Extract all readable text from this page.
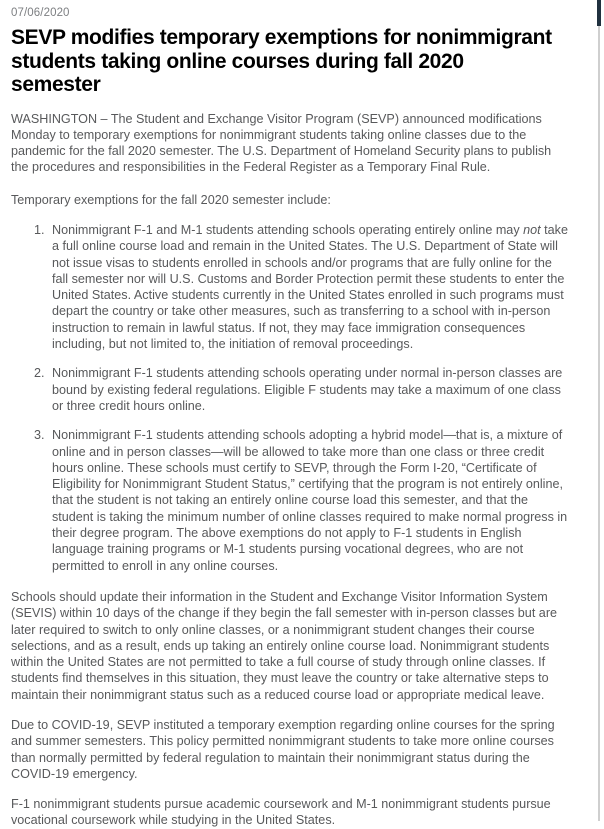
07/06/2020
SEVP modifies temporary exemptions for nonimmigrant students taking online courses during fall 2020 semester

WASHINGTON – The Student and Exchange Visitor Program (SEVP) announced modifications Monday to temporary exemptions for nonimmigrant students taking online classes due to the pandemic for the fall 2020 semester. The U.S. Department of Homeland Security plans to publish the procedures and responsibilities in the Federal Register as a Temporary Final Rule.

Temporary exemptions for the fall 2020 semester include:

1. Nonimmigrant F-1 and M-1 students attending schools operating entirely online may not take a full online course load and remain in the United States. The U.S. Department of State will not issue visas to students enrolled in schools and/or programs that are fully online for the fall semester nor will U.S. Customs and Border Protection permit these students to enter the United States. Active students currently in the United States enrolled in such programs must depart the country or take other measures, such as transferring to a school with in-person instruction to remain in lawful status. If not, they may face immigration consequences including, but not limited to, the initiation of removal proceedings.
2. Nonimmigrant F-1 students attending schools operating under normal in-person classes are bound by existing federal regulations. Eligible F students may take a maximum of one class or three credit hours online.
3. Nonimmigrant F-1 students attending schools adopting a hybrid model—that is, a mixture of online and in person classes—will be allowed to take more than one class or three credit hours online. These schools must certify to SEVP, through the Form I-20, “Certificate of Eligibility for Nonimmigrant Student Status,” certifying that the program is not entirely online, that the student is not taking an entirely online course load this semester, and that the student is taking the minimum number of online classes required to make normal progress in their degree program. The above exemptions do not apply to F-1 students in English language training programs or M-1 students pursing vocational degrees, who are not permitted to enroll in any online courses.

Schools should update their information in the Student and Exchange Visitor Information System (SEVIS) within 10 days of the change if they begin the fall semester with in-person classes but are later required to switch to only online classes, or a nonimmigrant student changes their course selections, and as a result, ends up taking an entirely online course load. Nonimmigrant students within the United States are not permitted to take a full course of study through online classes. If students find themselves in this situation, they must leave the country or take alternative steps to maintain their nonimmigrant status such as a reduced course load or appropriate medical leave.

Due to COVID-19, SEVP instituted a temporary exemption regarding online courses for the spring and summer semesters. This policy permitted nonimmigrant students to take more online courses than normally permitted by federal regulation to maintain their nonimmigrant status during the COVID-19 emergency.

F-1 nonimmigrant students pursue academic coursework and M-1 nonimmigrant students pursue vocational coursework while studying in the United States.
